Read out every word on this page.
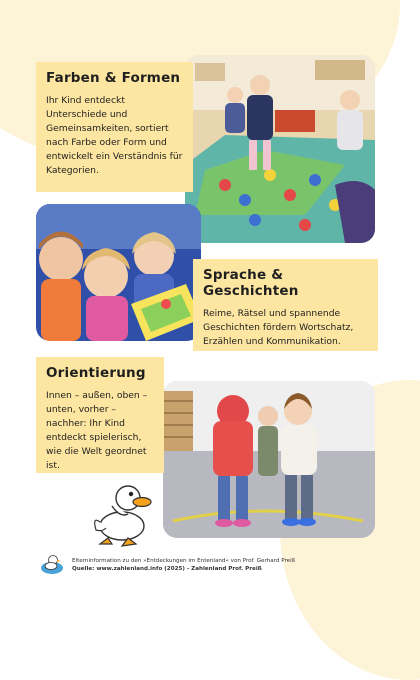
Farben & Formen

Ihr Kind entdeckt Unterschiede und Gemeinsamkeiten, sortiert nach Farbe oder Form und entwickelt ein Verständnis für Kategorien.

Sprache & Geschichten

Reime, Rätsel und spannende Geschichten fördern Wortschatz, Erzählen und Kommunikation.

Orientierung

Innen – außen, oben – unten, vorher – nachher: Ihr Kind entdeckt spielerisch, wie die Welt geordnet ist.

Elterninformation zu den »Entdeckungen im Entenland« von Prof. Gerhard Preiß
Quelle: www.zahlenland.info (2025) - Zahlenland Prof. Preiß
